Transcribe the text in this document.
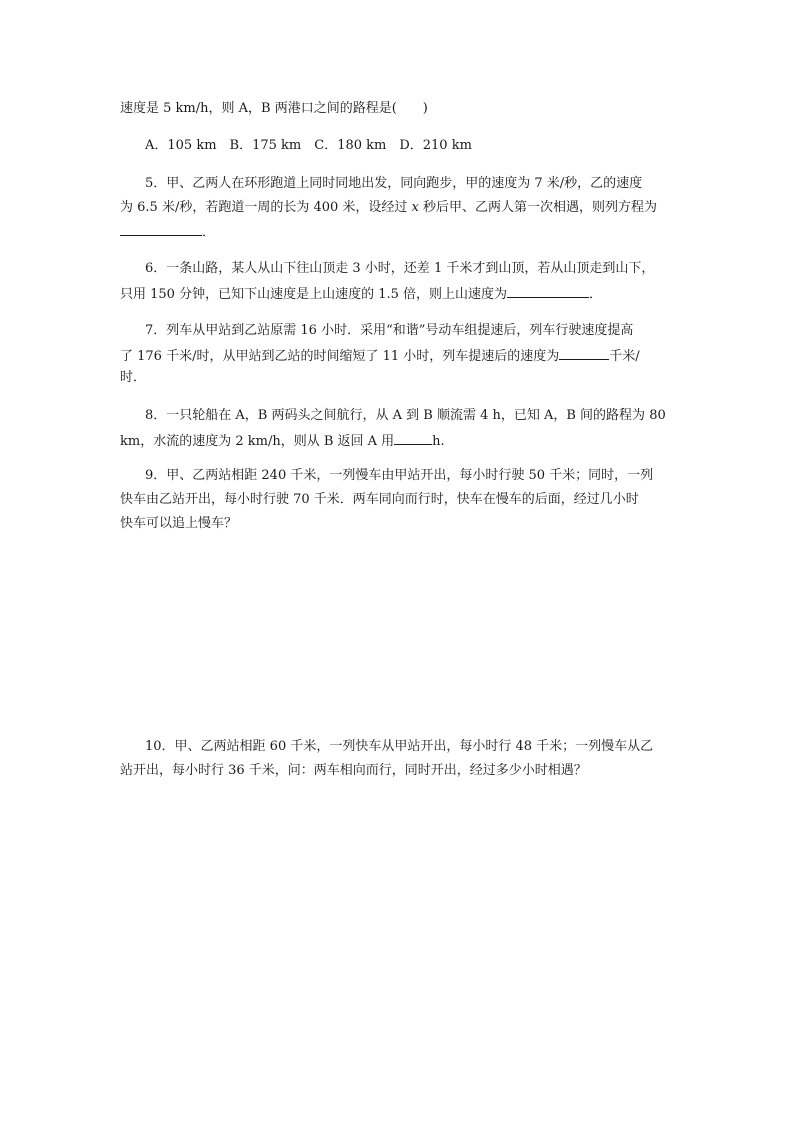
速度是 5 km/h，则 A，B 两港口之间的路程是(　　)
A．105 km　B．175 km　C．180 km　D．210 km
5．甲、乙两人在环形跑道上同时同地出发，同向跑步，甲的速度为 7 米/秒，乙的速度
为 6.5 米/秒，若跑道一周的长为 400 米，设经过 x 秒后甲、乙两人第一次相遇，则列方程为
．
6．一条山路，某人从山下往山顶走 3 小时，还差 1 千米才到山顶，若从山顶走到山下，
只用 150 分钟，已知下山速度是上山速度的 1.5 倍，则上山速度为	．
7．列车从甲站到乙站原需 16 小时．采用“和谐”号动车组提速后，列车行驶速度提高
了 176 千米/时，从甲站到乙站的时间缩短了 11 小时，列车提速后的速度为	千米/
时．
8．一只轮船在 A，B 两码头之间航行，从 A 到 B 顺流需 4 h，已知 A，B 间的路程为 80
km，水流的速度为 2 km/h，则从 B 返回 A 用	h.
9．甲、乙两站相距 240 千米，一列慢车由甲站开出，每小时行驶 50 千米；同时，一列
快车由乙站开出，每小时行驶 70 千米．两车同向而行时，快车在慢车的后面，经过几小时
快车可以追上慢车？
10．甲、乙两站相距 60 千米，一列快车从甲站开出，每小时行 48 千米；一列慢车从乙
站开出，每小时行 36 千米，问：两车相向而行，同时开出，经过多少小时相遇？
